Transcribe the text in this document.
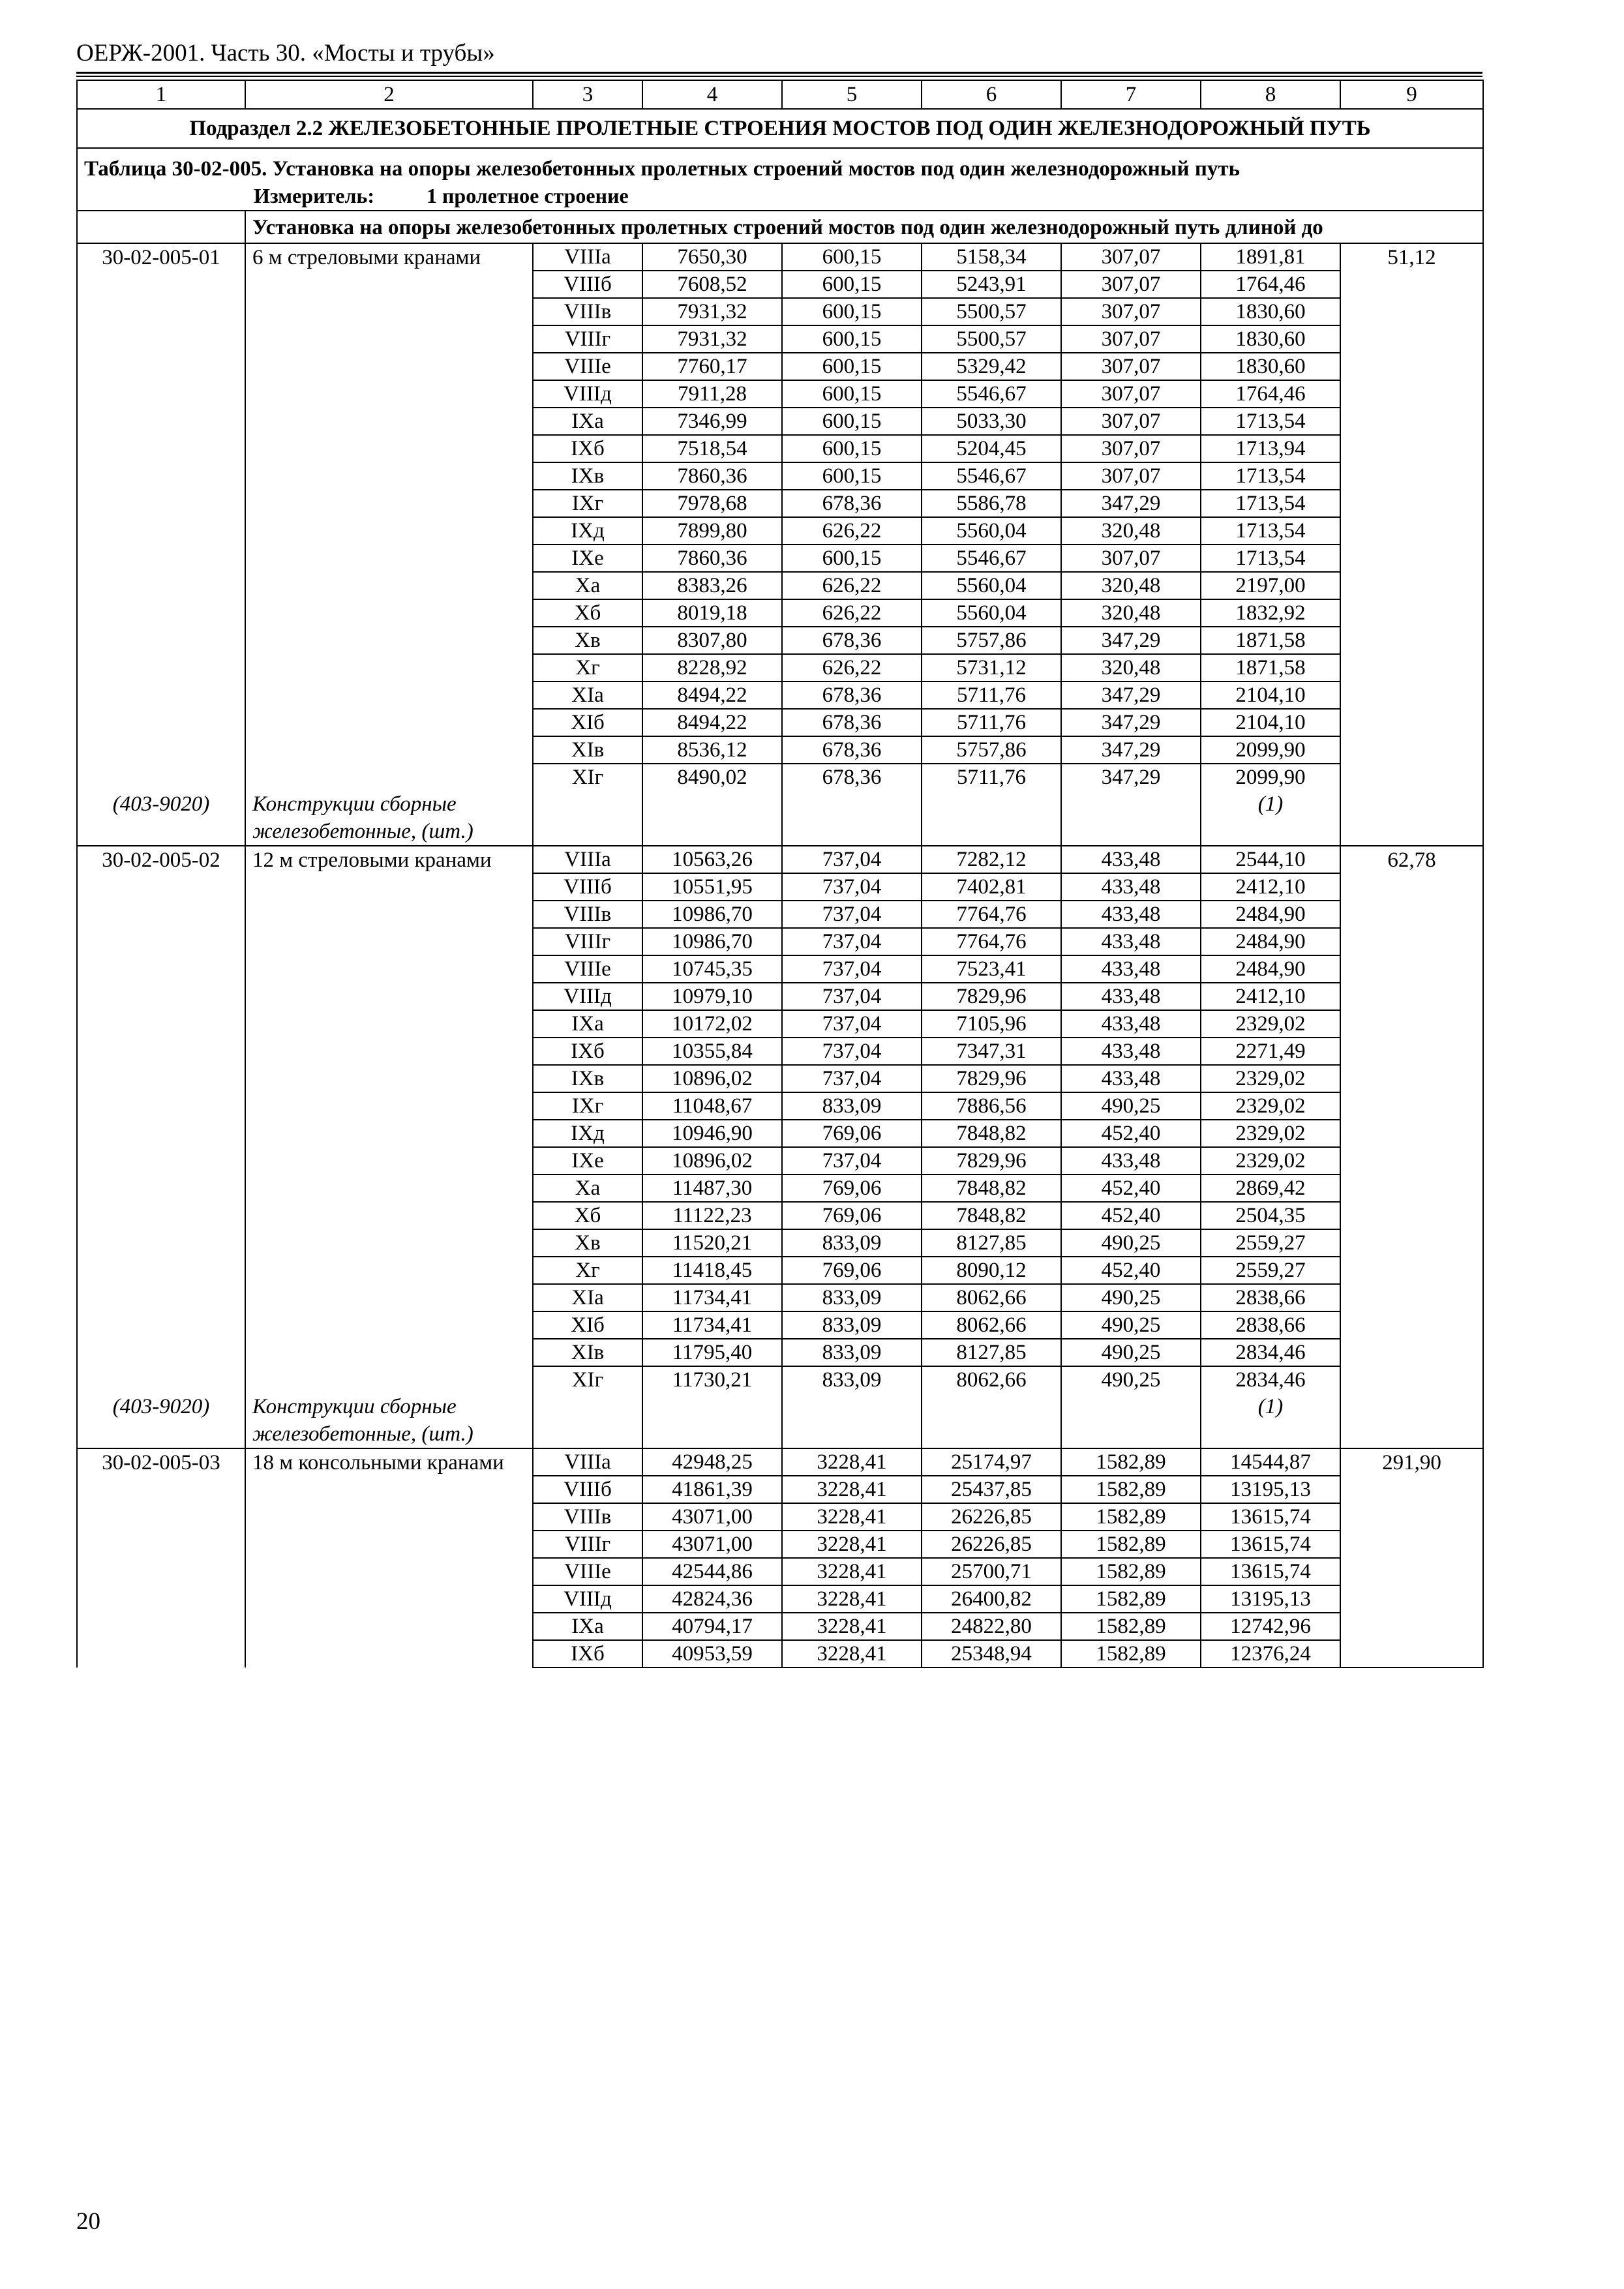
ОЕРЖ-2001. Часть 30. «Мосты и трубы»
1	2	3	4	5	6	7	8	9
Подраздел 2.2 ЖЕЛЕЗОБЕТОННЫЕ ПРОЛЕТНЫЕ СТРОЕНИЯ МОСТОВ ПОД ОДИН ЖЕЛЕЗНОДОРОЖНЫЙ ПУТЬ								

Таблица 30-02-005. Установка на опоры железобетонных пролетных строений мостов под один железнодорожный путь
Измеритель: 1 пролетное строение								

	Установка на опоры железобетонных пролетных строений мостов под один железнодорожный путь длиной до							
30-02-005-01	6 м стреловыми кранами	VIIIа	7650,30	600,15	5158,34	307,07	1891,81	51,12
		VIIIб	7608,52	600,15	5243,91	307,07	1764,46	
		VIIIв	7931,32	600,15	5500,57	307,07	1830,60	
		VIIIг	7931,32	600,15	5500,57	307,07	1830,60	
		VIIIе	7760,17	600,15	5329,42	307,07	1830,60	
		VIIIд	7911,28	600,15	5546,67	307,07	1764,46	
		IXа	7346,99	600,15	5033,30	307,07	1713,54	
		IXб	7518,54	600,15	5204,45	307,07	1713,94	
		IXв	7860,36	600,15	5546,67	307,07	1713,54	
		IXг	7978,68	678,36	5586,78	347,29	1713,54	
		IXд	7899,80	626,22	5560,04	320,48	1713,54	
		IXе	7860,36	600,15	5546,67	307,07	1713,54	
		Xа	8383,26	626,22	5560,04	320,48	2197,00	
		Xб	8019,18	626,22	5560,04	320,48	1832,92	
		Xв	8307,80	678,36	5757,86	347,29	1871,58	
		Xг	8228,92	626,22	5731,12	320,48	1871,58	
		XIа	8494,22	678,36	5711,76	347,29	2104,10	
		XIб	8494,22	678,36	5711,76	347,29	2104,10	
		XIв	8536,12	678,36	5757,86	347,29	2099,90	
		XIг	8490,02	678,36	5711,76	347,29	2099,90	
(403-9020)	Конструкции сборные железобетонные, (шт.)						(1)	
30-02-005-02	12 м стреловыми кранами	VIIIа	10563,26	737,04	7282,12	433,48	2544,10	62,78
		VIIIб	10551,95	737,04	7402,81	433,48	2412,10	
		VIIIв	10986,70	737,04	7764,76	433,48	2484,90	
		VIIIг	10986,70	737,04	7764,76	433,48	2484,90	
		VIIIе	10745,35	737,04	7523,41	433,48	2484,90	
		VIIIд	10979,10	737,04	7829,96	433,48	2412,10	
		IXа	10172,02	737,04	7105,96	433,48	2329,02	
		IXб	10355,84	737,04	7347,31	433,48	2271,49	
		IXв	10896,02	737,04	7829,96	433,48	2329,02	
		IXг	11048,67	833,09	7886,56	490,25	2329,02	
		IXд	10946,90	769,06	7848,82	452,40	2329,02	
		IXе	10896,02	737,04	7829,96	433,48	2329,02	
		Xа	11487,30	769,06	7848,82	452,40	2869,42	
		Xб	11122,23	769,06	7848,82	452,40	2504,35	
		Xв	11520,21	833,09	8127,85	490,25	2559,27	
		Xг	11418,45	769,06	8090,12	452,40	2559,27	
		XIа	11734,41	833,09	8062,66	490,25	2838,66	
		XIб	11734,41	833,09	8062,66	490,25	2838,66	
		XIв	11795,40	833,09	8127,85	490,25	2834,46	
		XIг	11730,21	833,09	8062,66	490,25	2834,46	
(403-9020)	Конструкции сборные железобетонные, (шт.)						(1)	
30-02-005-03	18 м консольными кранами	VIIIа	42948,25	3228,41	25174,97	1582,89	14544,87	291,90
		VIIIб	41861,39	3228,41	25437,85	1582,89	13195,13	
		VIIIв	43071,00	3228,41	26226,85	1582,89	13615,74	
		VIIIг	43071,00	3228,41	26226,85	1582,89	13615,74	
		VIIIе	42544,86	3228,41	25700,71	1582,89	13615,74	
		VIIIд	42824,36	3228,41	26400,82	1582,89	13195,13	
		IXа	40794,17	3228,41	24822,80	1582,89	12742,96	
		IXб	40953,59	3228,41	25348,94	1582,89	12376,24	
20
